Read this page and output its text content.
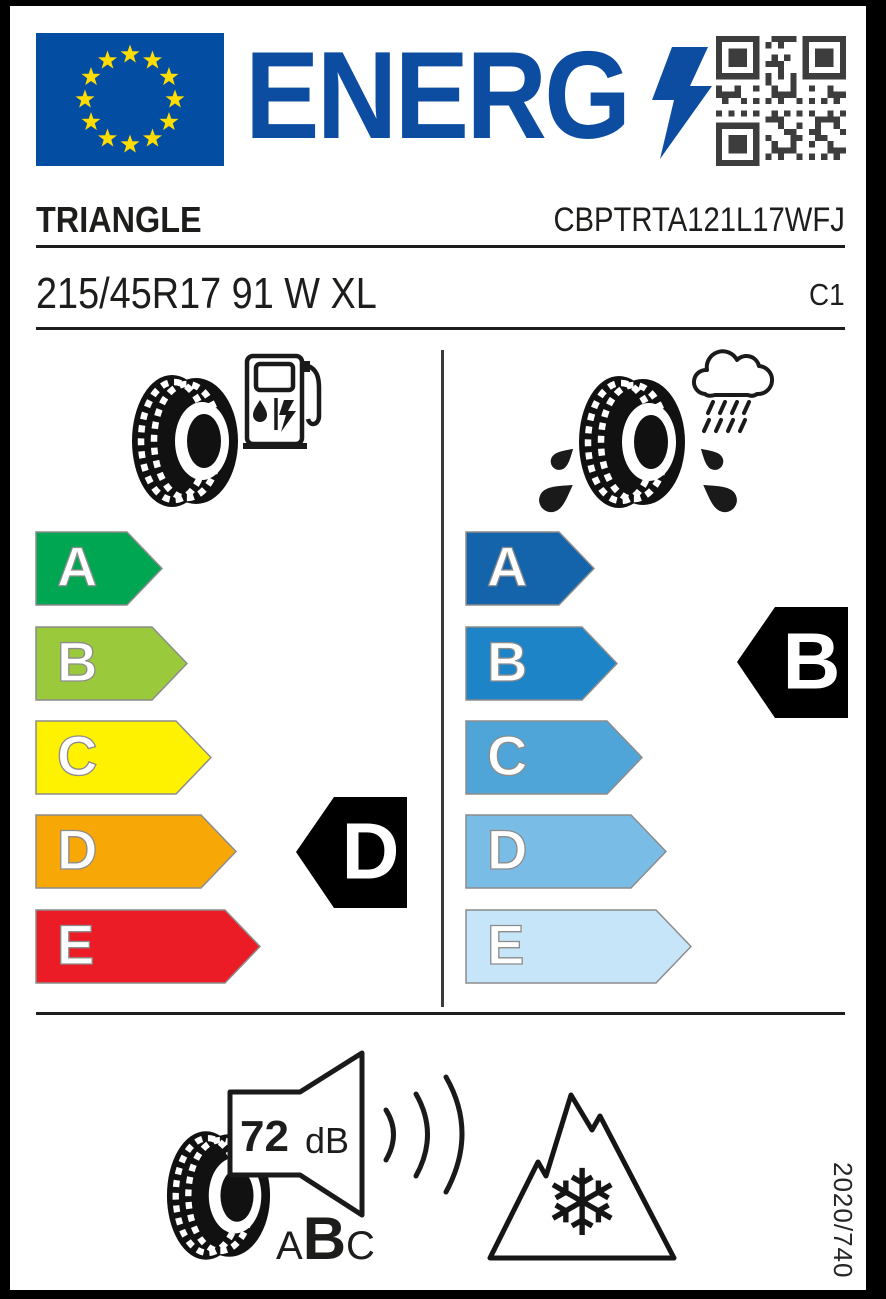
ENERG
TRIANGLE	CBPTRTA121L17WFJ
215/45R17 91 W XL	C1
A
B
C
D
E
A
B
C
D
E
D
B
72 dB
ABC ❄	2020/740
